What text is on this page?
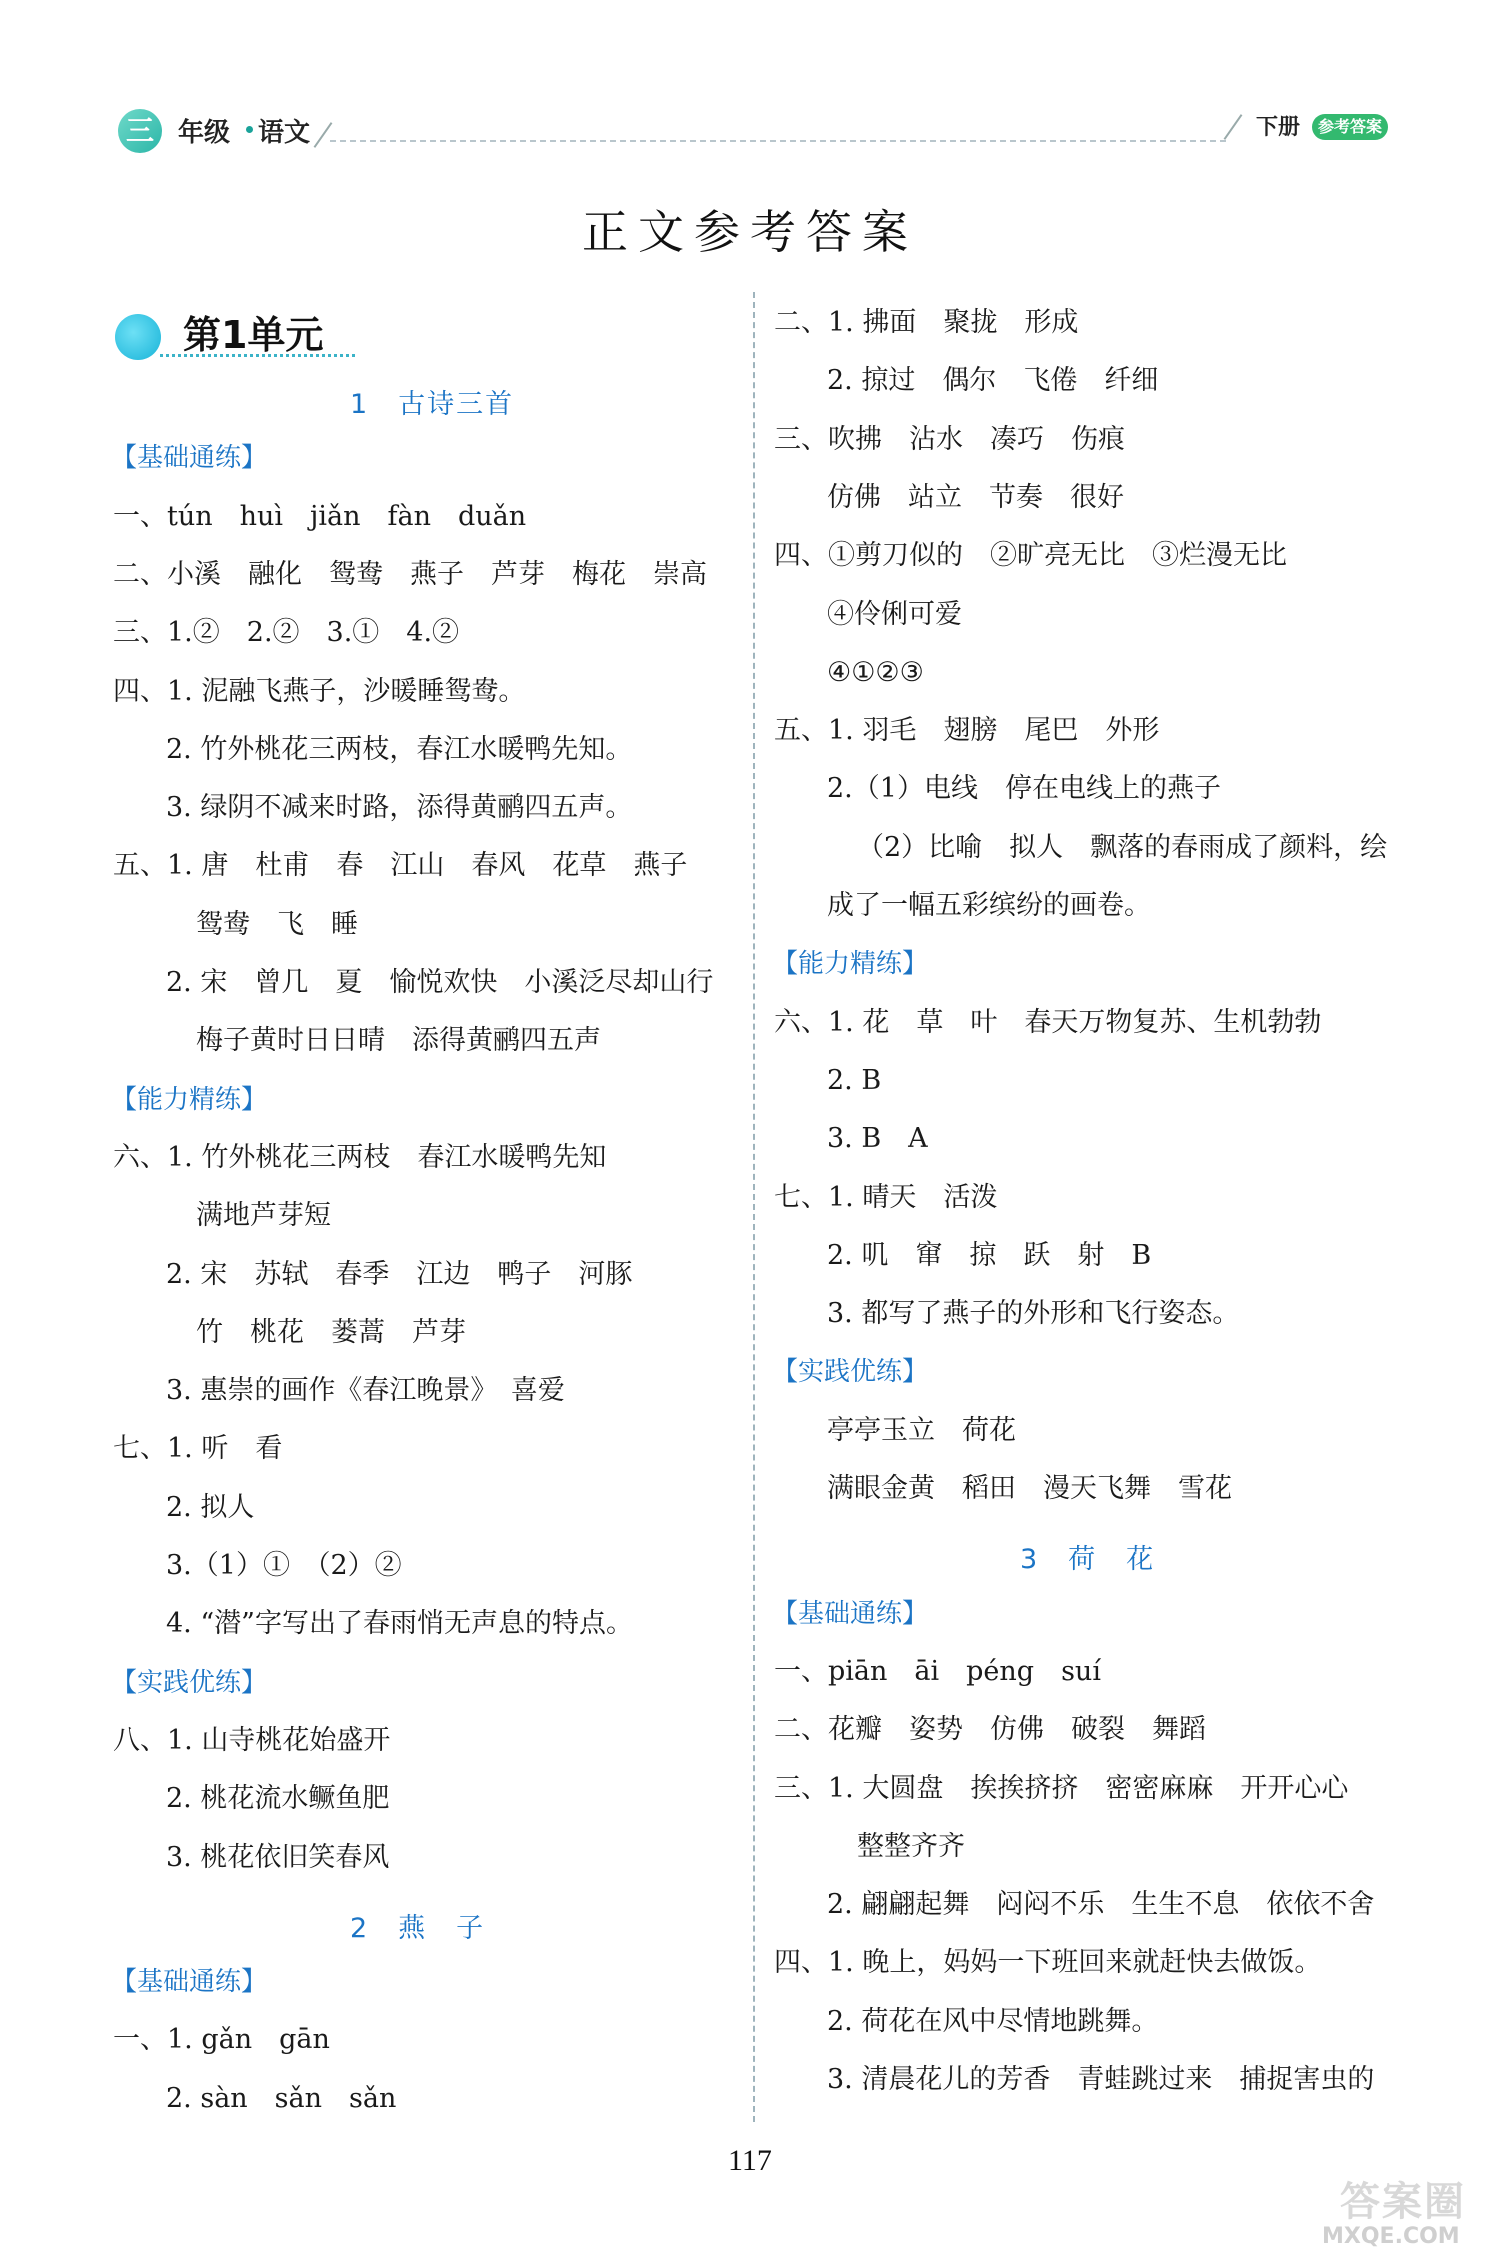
三 年级 语文	下册	参考答案
正文参考答案
第1单元
1　古诗三首
【基础通练】
一、tún　huì　jiǎn　fàn　duǎn
二、小溪　融化　鸳鸯　燕子　芦芽　梅花　崇高
三、1.②　2.②　3.①　4.②
四、1. 泥融飞燕子，沙暖睡鸳鸯。
2. 竹外桃花三两枝，春江水暖鸭先知。
3. 绿阴不减来时路，添得黄鹂四五声。
五、1. 唐　杜甫　春　江山　春风　花草　燕子
鸳鸯　飞　睡
2. 宋　曾几　夏　愉悦欢快　小溪泛尽却山行
梅子黄时日日晴　添得黄鹂四五声
【能力精练】
六、1. 竹外桃花三两枝　春江水暖鸭先知
满地芦芽短
2. 宋　苏轼　春季　江边　鸭子　河豚
竹　桃花　蒌蒿　芦芽
3. 惠崇的画作《春江晚景》　喜爱
七、1. 听　看
2. 拟人
3.（1）①　（2）②
4. “潜”字写出了春雨悄无声息的特点。
【实践优练】
八、1. 山寺桃花始盛开
2. 桃花流水鳜鱼肥
3. 桃花依旧笑春风
2　燕　子
【基础通练】
一、1. gǎn　gān
2. sàn　sǎn　sǎn
二、1. 拂面　聚拢　形成
2. 掠过　偶尔　飞倦　纤细
三、吹拂　沾水　凑巧　伤痕
仿佛　站立　节奏　很好
四、①剪刀似的　②旷亮无比　③烂漫无比
④伶俐可爱
④①②③
五、1. 羽毛　翅膀　尾巴　外形
2.（1）电线　停在电线上的燕子
（2）比喻　拟人　飘落的春雨成了颜料，绘
成了一幅五彩缤纷的画卷。
【能力精练】
六、1. 花　草　叶　春天万物复苏、生机勃勃
2. B
3. B　A
七、1. 晴天　活泼
2. 叽　窜　掠　跃　射　B
3. 都写了燕子的外形和飞行姿态。
【实践优练】
亭亭玉立　荷花
满眼金黄　稻田　漫天飞舞　雪花
3　荷　花
【基础通练】
一、piān　āi　péng　suí
二、花瓣　姿势　仿佛　破裂　舞蹈
三、1. 大圆盘　挨挨挤挤　密密麻麻　开开心心
整整齐齐
2. 翩翩起舞　闷闷不乐　生生不息　依依不舍
四、1. 晚上，妈妈一下班回来就赶快去做饭。
2. 荷花在风中尽情地跳舞。
3. 清晨花儿的芳香　青蛙跳过来　捕捉害虫的
117
答案圈
MXQE.COM
